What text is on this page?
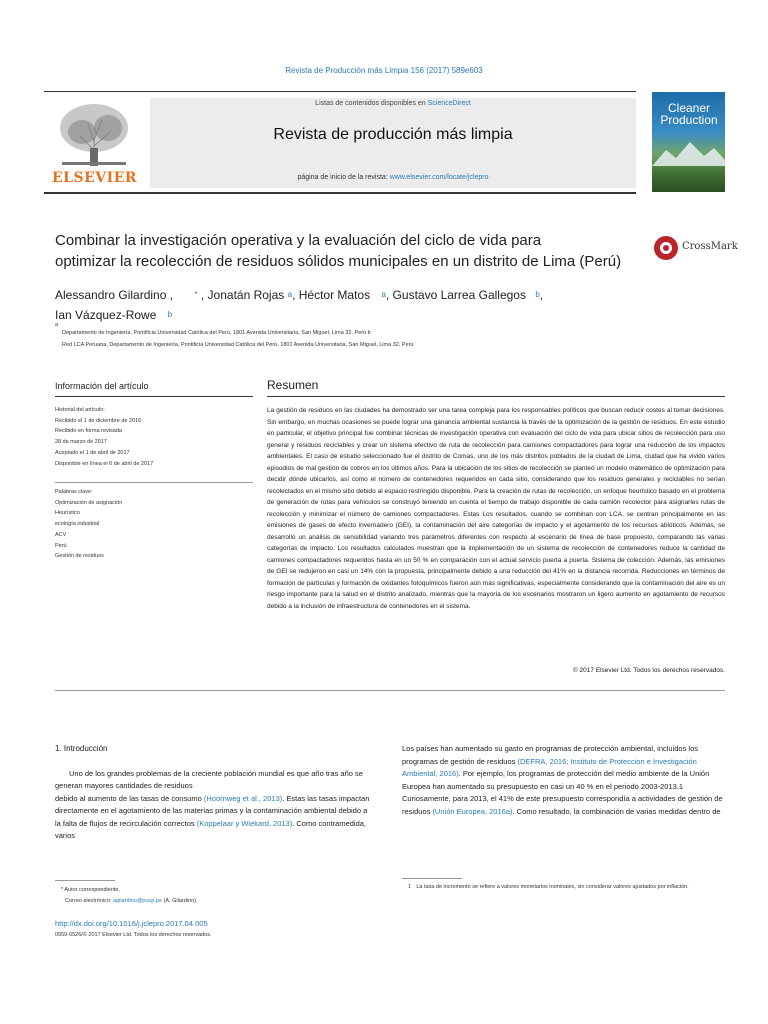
Revista de Producción más Limpia 156 (2017) 589e603
ELSEVIER
Listas de contenidos disponibles en ScienceDirect
Revista de producción más limpia
página de inicio de la revista: www.elsevier.com/locate/jclepro
Cleaner
Production
Combinar la investigación operativa y la evaluación del ciclo de vida para
optimizar la recolección de residuos sólidos municipales en un distrito de Lima (Perú)
CrossMark
Alessandro Gilardino ,	* , Jonatán Rojas $^a$, Héctor Matos $^a$, Gustavo Larrea Gallegos $^b$,
Ian Vázquez-Rowe $^b$
a
Departamento de Ingeniería, Pontificia Universidad Católica del Perú, 1801 Avenida Universitaria, San Miguel, Lima 32, Perú b
Red LCA Peruana, Departamento de Ingeniería, Pontificia Universidad Católica del Perú, 1801 Avenida Universitaria, San Miguel, Lima 32, Perú
Información del artículo	Resumen
Historial del artículo:
Recibido el 1 de diciembre de 2016
Recibido en forma revisada
28 de marzo de 2017
Aceptado el 1 de abril de 2017
Disponible en línea el 6 de abril de 2017
Palabras clave:
Optimización de asignación
Heurístico
ecología industrial
ACV
Perú
Gestión de residuos
La gestión de residuos en las ciudades ha demostrado ser una tarea compleja para los responsables políticos que buscan reducir costes al tomar decisiones. Sin embargo, en muchas ocasiones se puede lograr una ganancia ambiental sustancia la través de la optimización de la gestión de residuos. En este estudio en particular, el objetivo principal fue combinar técnicas de investigación operativa con evaluación del ciclo de vida para ubicar sitios de recolección para uso general y residuos reciclables y crear un sistema efectivo de ruta de recolección para camiones compactadores para lograr una reducción de los impactos ambientales. El caso de estudio seleccionado fue el distrito de Comas, uno de los más distritos poblados de la ciudad de Lima, ciudad que ha vivido varios episodios de mal gestión de cobros en los últimos años. Para la ubicación de los sitios de recolección se planteó un modelo matemático de optimización para decidir dónde ubicarlos, así como el número de contenedores requeridos en cada sitio, considerando que los residuos generales y reciclables no serían recolectados en el mismo sitio debido al espacio restringido disponible. Para la creación de rutas de recolección, un enfoque heurístico basado en el problema de generación de rutas para vehículos se construyó teniendo en cuenta el tiempo de trabajo disponible de cada camión recolector para asignarles rutas de recolección y minimizar el número de camiones compactadores. Estas Los resultados, cuando se combinan con LCA, se centran principalmente en las emisiones de gases de efecto invernadero (GEI), la contaminación del aire categorías de impacto y el agotamiento de los recursos abióticos. Además, se desarrolló un análisis de sensibilidad variando tres parámetros diferentes con respecto al escenario de línea de base propuesto, comparando las varias categorías de impacto. Los resultados calculados muestran que la implementación de un sistema de recolección de contenedores reduce la cantidad de camiones compactadores requeridos hasta en un 50 % en comparación con el actual servicio puerta a puerta. Sistema de colección. Además, las emisiones de GEI se redujeron en casi un 14% con la propuesta, principalmente debido a una reducción del 41% en la distancia recorrida. Reducciones en términos de formación de partículas y formación de oxidantes fotoquímicos fueron aún más significativas, especialmente considerando que la contaminación del aire es un riesgo importante para la salud en el distrito analizado, mientras que la mayoría de los escenarios mostraron un ligero aumento en agotamiento de recursos debido a la inclusión de infraestructura de contenedores en el sistema.
© 2017 Elsevier Ltd. Todos los derechos reservados.
1. Introducción
Uno de los grandes problemas de la creciente población mundial es que año tras año se generan mayores cantidades de residuos
debido al aumento de las tasas de consumo (Hoornweg et al., 2013). Estas las tasas impactan directamente en el agotamiento de las materias primas y la contaminación ambiental debido a la falta de flujos de recirculación correctos (Koppelaar y Wiekard, 2013). Como contramedida, varios
Los países han aumentado su gasto en programas de protección ambiental, incluidos los programas de gestión de residuos (DEFRA, 2016; Instituto de Proteccion e Investigación Ambiental, 2016). Por ejemplo, los programas de protección del medio ambiente de la Unión Europea han aumentado su presupuesto en casi un 40 % en el periodo 2003-2013.1 Curiosamente, para 2013, el 41% de este presupuesto correspondía a actividades de gestión de residuos (Unión Europea, 2016a). Como resultado, la combinación de varias medidas dentro de
* Autor correspondiente.
Correo electrónico: agilardino@pucp.pe (A. Gilardino).
1 La tasa de incremento se refiere a valores monetarios nominales, sin considerar valores ajustados por inflación.
http://dx.doi.org/10.1016/j.jclepro.2017.04.005
0959-6526/© 2017 Elsevier Ltd. Todos los derechos reservados.
